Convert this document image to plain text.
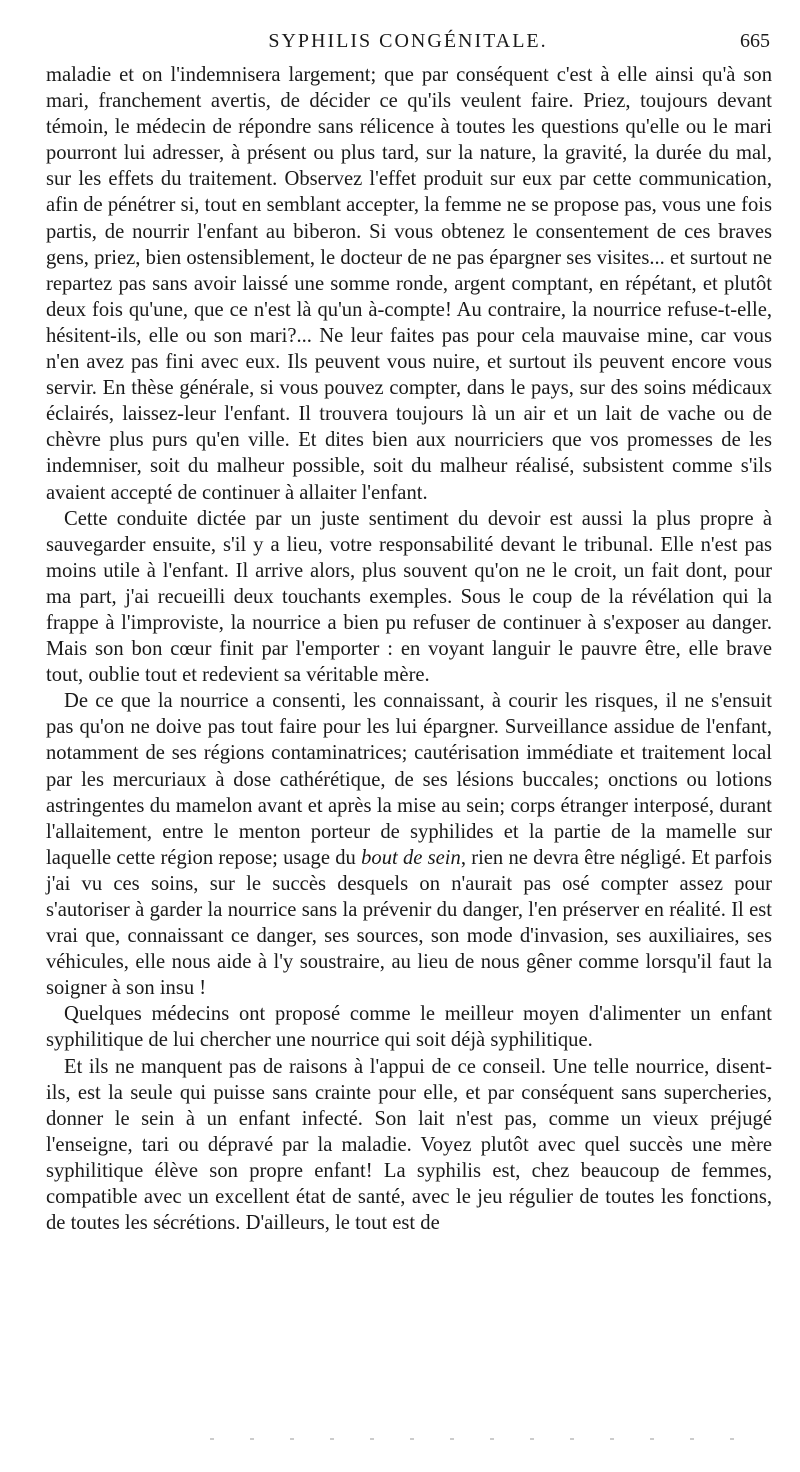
SYPHILIS CONGÉNITALE.	665

maladie et on l'indemnisera largement; que par conséquent c'est à elle ainsi qu'à son mari, franchement avertis, de décider ce qu'ils veulent faire. Priez, toujours devant témoin, le médecin de répondre sans rélicence à toutes les questions qu'elle ou le mari pourront lui adresser, à présent ou plus tard, sur la nature, la gravité, la durée du mal, sur les effets du traitement. Observez l'effet produit sur eux par cette communication, afin de pénétrer si, tout en semblant accepter, la femme ne se propose pas, vous une fois partis, de nourrir l'enfant au biberon. Si vous obtenez le consentement de ces braves gens, priez, bien ostensiblement, le docteur de ne pas épargner ses visites... et surtout ne repartez pas sans avoir laissé une somme ronde, argent comptant, en répétant, et plutôt deux fois qu'une, que ce n'est là qu'un à-compte! Au contraire, la nourrice refuse-t-elle, hésitent-ils, elle ou son mari?... Ne leur faites pas pour cela mauvaise mine, car vous n'en avez pas fini avec eux. Ils peuvent vous nuire, et surtout ils peuvent encore vous servir. En thèse générale, si vous pouvez compter, dans le pays, sur des soins médicaux éclairés, laissez-leur l'enfant. Il trouvera toujours là un air et un lait de vache ou de chèvre plus purs qu'en ville. Et dites bien aux nourriciers que vos promesses de les indemniser, soit du malheur possible, soit du malheur réalisé, subsistent comme s'ils avaient accepté de continuer à allaiter l'enfant.

Cette conduite dictée par un juste sentiment du devoir est aussi la plus propre à sauvegarder ensuite, s'il y a lieu, votre responsabilité devant le tribunal. Elle n'est pas moins utile à l'enfant. Il arrive alors, plus souvent qu'on ne le croit, un fait dont, pour ma part, j'ai recueilli deux touchants exemples. Sous le coup de la révélation qui la frappe à l'improviste, la nourrice a bien pu refuser de continuer à s'exposer au danger. Mais son bon cœur finit par l'emporter : en voyant languir le pauvre être, elle brave tout, oublie tout et redevient sa véritable mère.

De ce que la nourrice a consenti, les connaissant, à courir les risques, il ne s'ensuit pas qu'on ne doive pas tout faire pour les lui épargner. Surveillance assidue de l'enfant, notamment de ses régions contaminatrices; cautérisation immédiate et traitement local par les mercuriaux à dose cathérétique, de ses lésions buccales; onctions ou lotions astringentes du mamelon avant et après la mise au sein; corps étranger interposé, durant l'allaitement, entre le menton porteur de syphilides et la partie de la mamelle sur laquelle cette région repose; usage du bout de sein, rien ne devra être négligé. Et parfois j'ai vu ces soins, sur le succès desquels on n'aurait pas osé compter assez pour s'autoriser à garder la nourrice sans la prévenir du danger, l'en préserver en réalité. Il est vrai que, connaissant ce danger, ses sources, son mode d'invasion, ses auxiliaires, ses véhicules, elle nous aide à l'y soustraire, au lieu de nous gêner comme lorsqu'il faut la soigner à son insu !

Quelques médecins ont proposé comme le meilleur moyen d'alimenter un enfant syphilitique de lui chercher une nourrice qui soit déjà syphilitique.

Et ils ne manquent pas de raisons à l'appui de ce conseil. Une telle nourrice, disent-ils, est la seule qui puisse sans crainte pour elle, et par conséquent sans supercheries, donner le sein à un enfant infecté. Son lait n'est pas, comme un vieux préjugé l'enseigne, tari ou dépravé par la maladie. Voyez plutôt avec quel succès une mère syphilitique élève son propre enfant! La syphilis est, chez beaucoup de femmes, compatible avec un excellent état de santé, avec le jeu régulier de toutes les fonctions, de toutes les sécrétions. D'ailleurs, le tout est de
